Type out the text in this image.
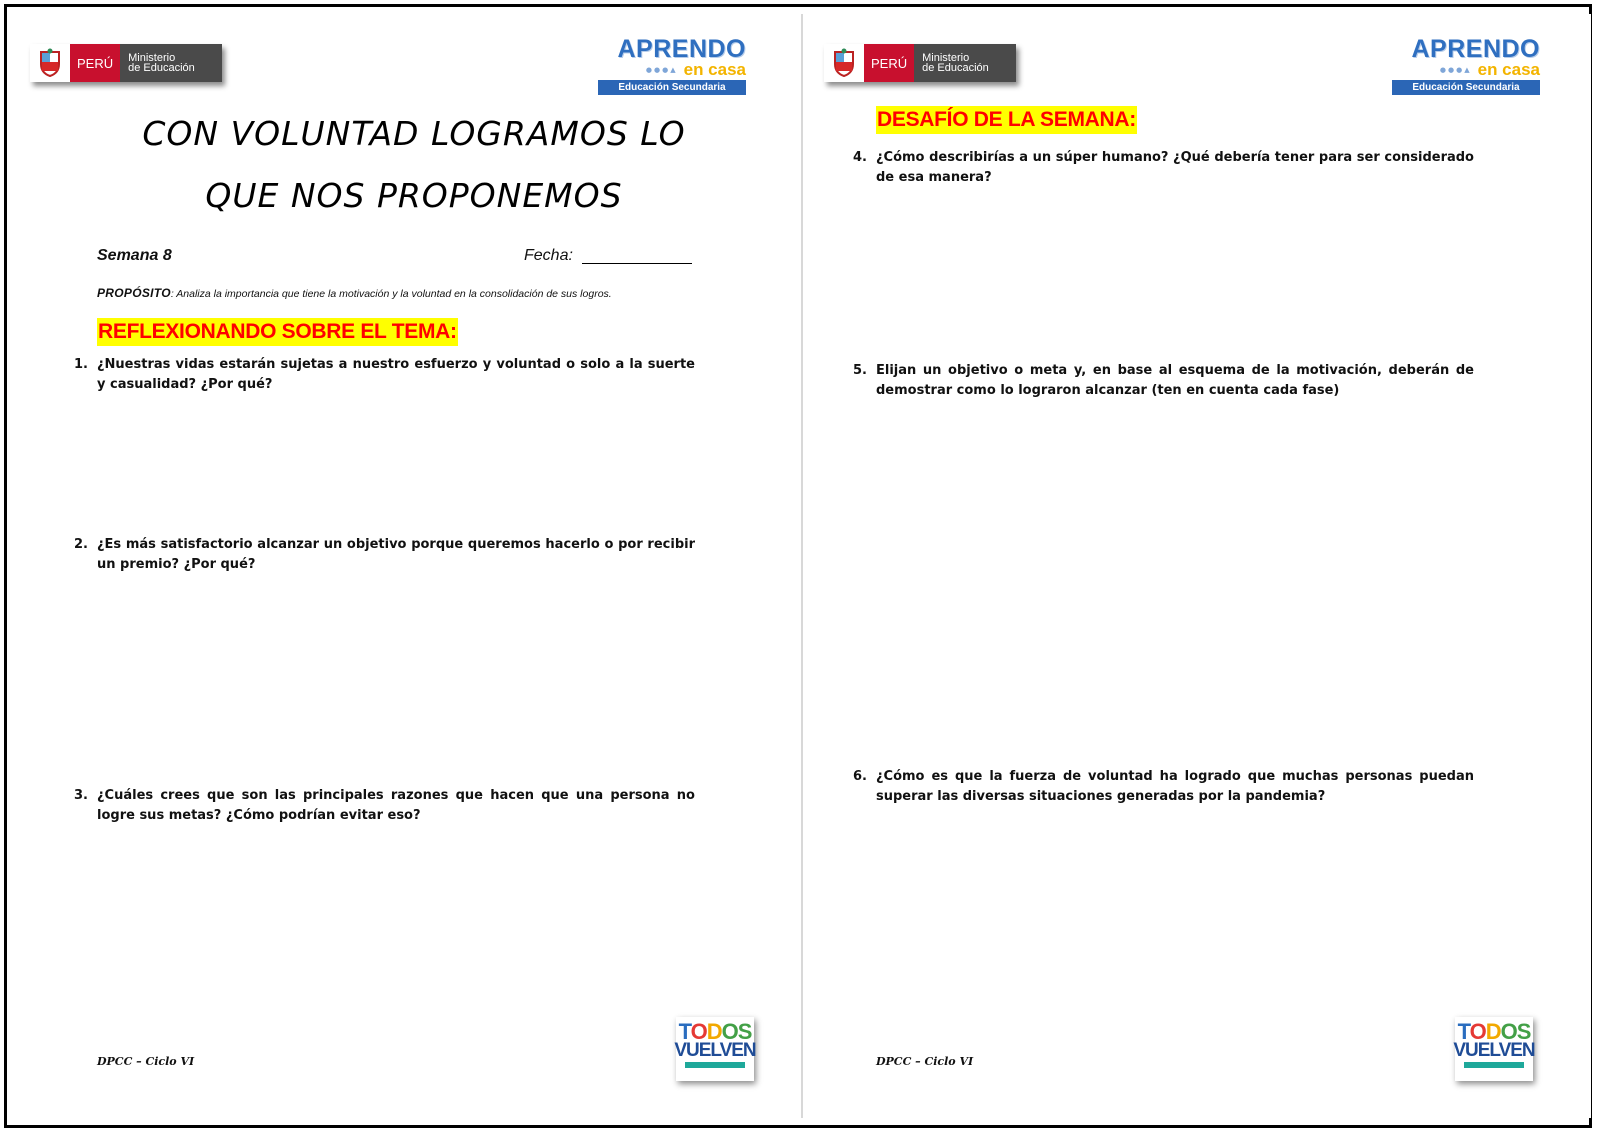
PERÚ	Ministerio
de Educación
APRENDO
●●●▲ en casa
Educación Secundaria
CON VOLUNTAD LOGRAMOS LO
QUE NOS PROPONEMOS
Semana 8	Fecha:
PROPÓSITO: Analiza la importancia que tiene la motivación y la voluntad en la consolidación de sus logros.
REFLEXIONANDO SOBRE EL TEMA:
1. ¿Nuestras vidas estarán sujetas a nuestro esfuerzo y voluntad o solo a la suerte y casualidad? ¿Por qué?
2. ¿Es más satisfactorio alcanzar un objetivo porque queremos hacerlo o por recibir un premio? ¿Por qué?
3. ¿Cuáles crees que son las principales razones que hacen que una persona no logre sus metas? ¿Cómo podrían evitar eso?
DPCC – Ciclo VI
TODOS
VUELVEN
PERÚ	Ministerio
de Educación
APRENDO
●●●▲ en casa
Educación Secundaria
DESAFÍO DE LA SEMANA:
4. ¿Cómo describirías a un súper humano? ¿Qué debería tener para ser considerado de esa manera?
5. Elijan un objetivo o meta y, en base al esquema de la motivación, deberán de demostrar como lo lograron alcanzar (ten en cuenta cada fase)
6. ¿Cómo es que la fuerza de voluntad ha logrado que muchas personas puedan superar las diversas situaciones generadas por la pandemia?
DPCC – Ciclo VI
TODOS
VUELVEN
